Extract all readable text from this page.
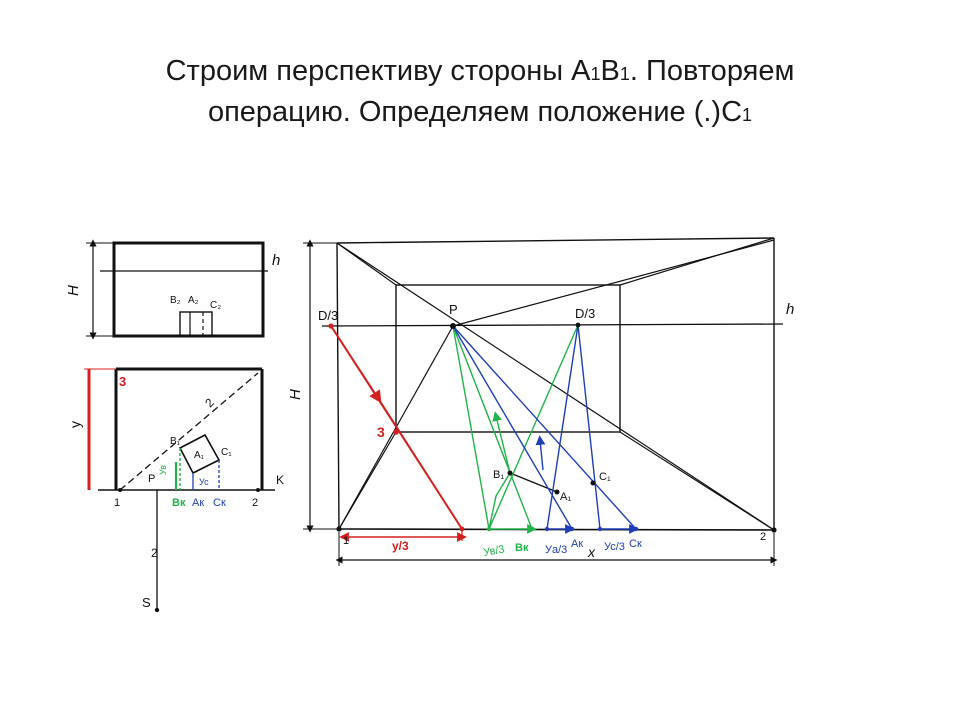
Строим перспективу стороны А1В1. Повторяем
операцию. Определяем положение (.)С1
H
h
B₂ A₂ C₂
3
у
2
B₁
A₁ C₁
1
P
2
K
Ув
Ус
Вк Ак Ск
2
S
H
h
D/3	D/3
P
3
B₁
A₁
C₁
1	2
у/3	Ув/3 Вк Уа/3 Ак x Ус/3 Ск
